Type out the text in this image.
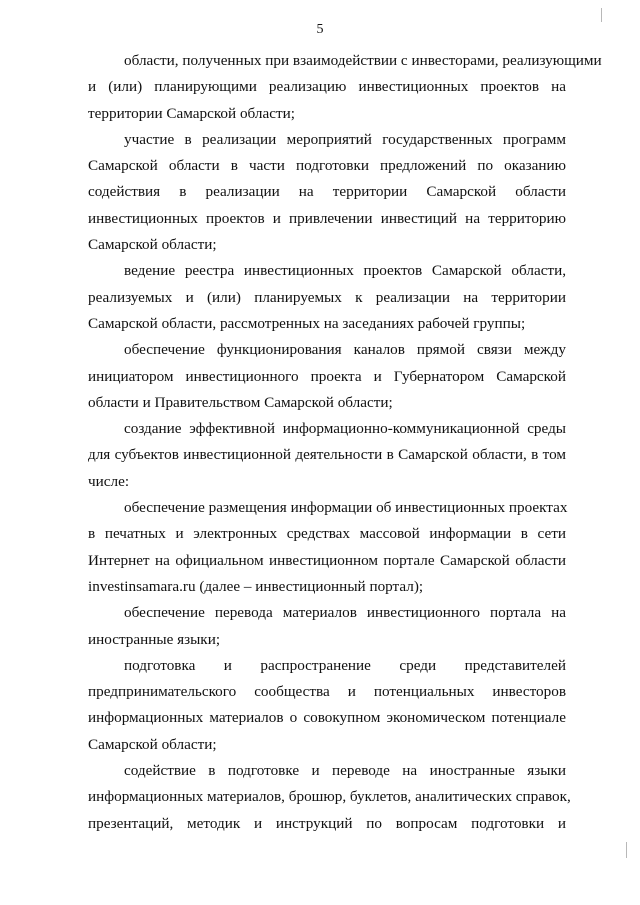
5
области, полученных при взаимодействии с инвесторами, реализующими
и (или) планирующими реализацию инвестиционных проектов на
территории Самарской области;
участие в реализации мероприятий государственных программ
Самарской области в части подготовки предложений по оказанию
содействия в реализации на территории Самарской области
инвестиционных проектов и привлечении инвестиций на территорию
Самарской области;
ведение реестра инвестиционных проектов Самарской области,
реализуемых и (или) планируемых к реализации на территории
Самарской области, рассмотренных на заседаниях рабочей группы;
обеспечение функционирования каналов прямой связи между
инициатором инвестиционного проекта и Губернатором Самарской
области и Правительством Самарской области;
создание эффективной информационно-коммуникационной среды
для субъектов инвестиционной деятельности в Самарской области, в том
числе:
обеспечение размещения информации об инвестиционных проектах
в печатных и электронных средствах массовой информации в сети
Интернет на официальном инвестиционном портале Самарской области
investinsamara.ru (далее – инвестиционный портал);
обеспечение перевода материалов инвестиционного портала на
иностранные языки;
подготовка и распространение среди представителей
предпринимательского сообщества и потенциальных инвесторов
информационных материалов о совокупном экономическом потенциале
Самарской области;
содействие в подготовке и переводе на иностранные языки
информационных материалов, брошюр, буклетов, аналитических справок,
презентаций, методик и инструкций по вопросам подготовки и
